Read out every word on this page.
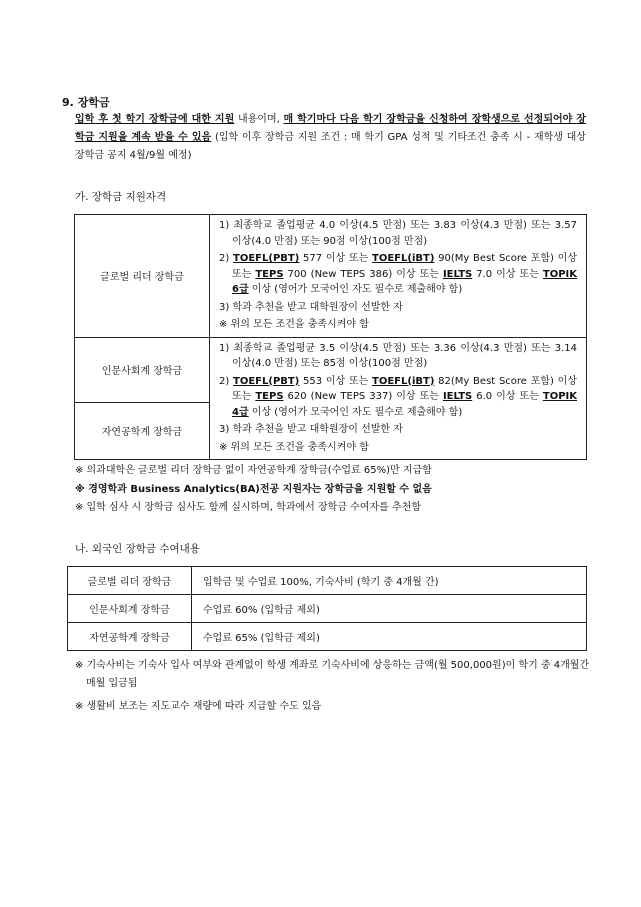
9. 장학금
입학 후 첫 학기 장학금에 대한 지원 내용이며, 매 학기마다 다음 학기 장학금을 신청하여 장학생으로 선정되어야 장학금 지원을 계속 받을 수 있음 (입학 이후 장학금 지원 조건 : 매 학기 GPA 성적 및 기타조건 충족 시 - 재학생 대상 장학금 공지 4월/9월 예정)
가. 장학금 지원자격
글로벌 리더 장학금	1) 최종학교 졸업평균 4.0 이상(4.5 만점) 또는 3.83 이상(4.3 만점) 또는 3.57 이상(4.0 만점) 또는 90점 이상(100점 만점)
2) TOEFL(PBT) 577 이상 또는 TOEFL(iBT) 90(My Best Score 포함) 이상 또는 TEPS 700 (New TEPS 386) 이상 또는 IELTS 7.0 이상 또는 TOPIK 6급 이상 (영어가 모국어인 자도 필수로 제출해야 함)
3) 학과 추천을 받고 대학원장이 선발한 자
※ 위의 모든 조건을 충족시켜야 함

인문사회계 장학금	1) 최종학교 졸업평균 3.5 이상(4.5 만점) 또는 3.36 이상(4.3 만점) 또는 3.14 이상(4.0 만점) 또는 85점 이상(100점 만점)
2) TOEFL(PBT) 553 이상 또는 TOEFL(iBT) 82(My Best Score 포함) 이상 또는 TEPS 620 (New TEPS 337) 이상 또는 IELTS 6.0 이상 또는 TOPIK 4급 이상 (영어가 모국어인 자도 필수로 제출해야 함)
3) 학과 추천을 받고 대학원장이 선발한 자
※ 위의 모든 조건을 충족시켜야 함

자연공학계 장학금	
※ 의과대학은 글로벌 리더 장학금 없이 자연공학계 장학금(수업료 65%)만 지급함
※ 경영학과 Business Analytics(BA)전공 지원자는 장학금을 지원할 수 없음
※ 입학 심사 시 장학금 심사도 함께 실시하며, 학과에서 장학금 수여자를 추천함
나. 외국인 장학금 수여내용
글로벌 리더 장학금	입학금 및 수업료 100%, 기숙사비 (학기 중 4개월 간)
인문사회계 장학금	수업료 60% (입학금 제외)
자연공학계 장학금	수업료 65% (입학금 제외)
※ 기숙사비는 기숙사 입사 여부와 관계없이 학생 계좌로 기숙사비에 상응하는 금액(월 500,000원)이 학기 중 4개월간 매월 입금됨
※ 생활비 보조는 지도교수 재량에 따라 지급할 수도 있음
